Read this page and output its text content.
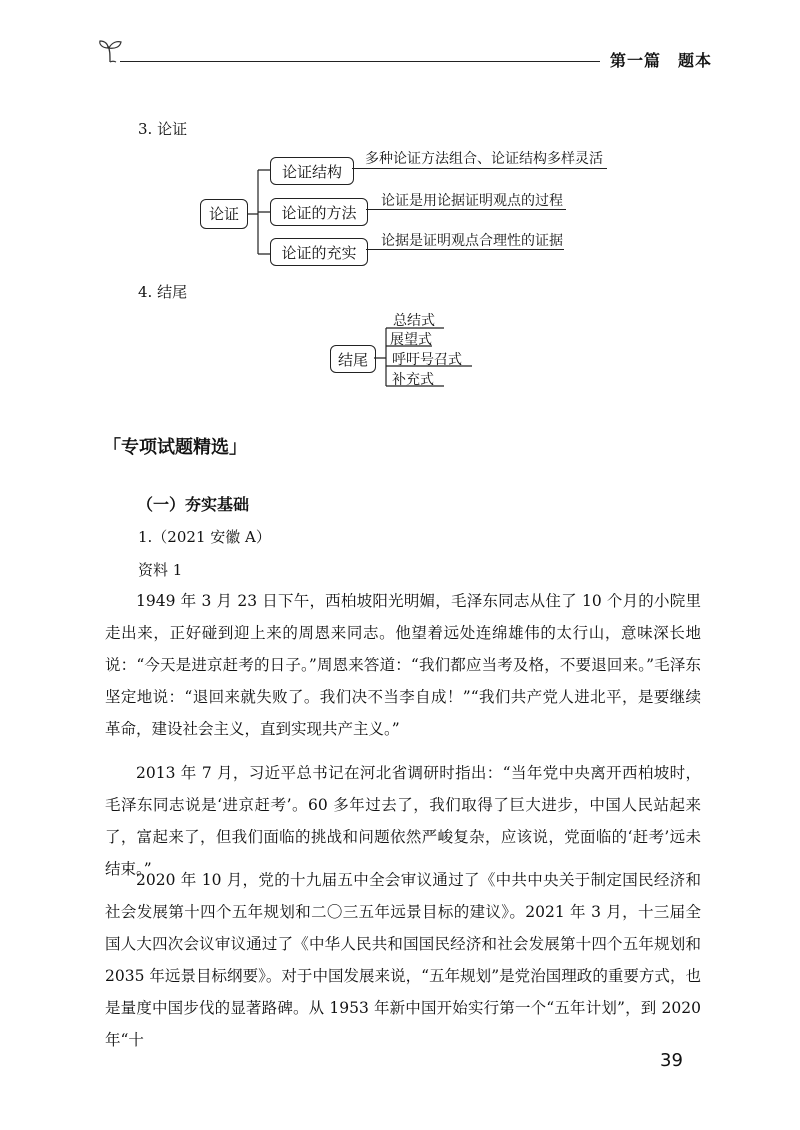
第一篇　题本
3. 论证
论证
论证结构
多种论证方法组合、论证结构多样灵活
论证的方法
论证是用论据证明观点的过程
论证的充实
论据是证明观点合理性的证据
4. 结尾
结尾
总结式
展望式
呼吁号召式
补充式
「专项试题精选」
（一）夯实基础
1.（2021 安徽 A）
资料 1
1949 年 3 月 23 日下午，西柏坡阳光明媚，毛泽东同志从住了 10 个月的小院里走出来，正好碰到迎上来的周恩来同志。他望着远处连绵雄伟的太行山，意味深长地说：“今天是进京赶考的日子。”周恩来答道：“我们都应当考及格，不要退回来。”毛泽东坚定地说：“退回来就失败了。我们决不当李自成！”“我们共产党人进北平，是要继续革命，建设社会主义，直到实现共产主义。”
2013 年 7 月，习近平总书记在河北省调研时指出：“当年党中央离开西柏坡时，毛泽东同志说是‘进京赶考’。60 多年过去了，我们取得了巨大进步，中国人民站起来了，富起来了，但我们面临的挑战和问题依然严峻复杂，应该说，党面临的‘赶考’远未结束。”
2020 年 10 月，党的十九届五中全会审议通过了《中共中央关于制定国民经济和社会发展第十四个五年规划和二〇三五年远景目标的建议》。2021 年 3 月，十三届全国人大四次会议审议通过了《中华人民共和国国民经济和社会发展第十四个五年规划和 2035 年远景目标纲要》。对于中国发展来说，“五年规划”是党治国理政的重要方式，也是量度中国步伐的显著路碑。从 1953 年新中国开始实行第一个“五年计划”，到 2020 年“十
39
